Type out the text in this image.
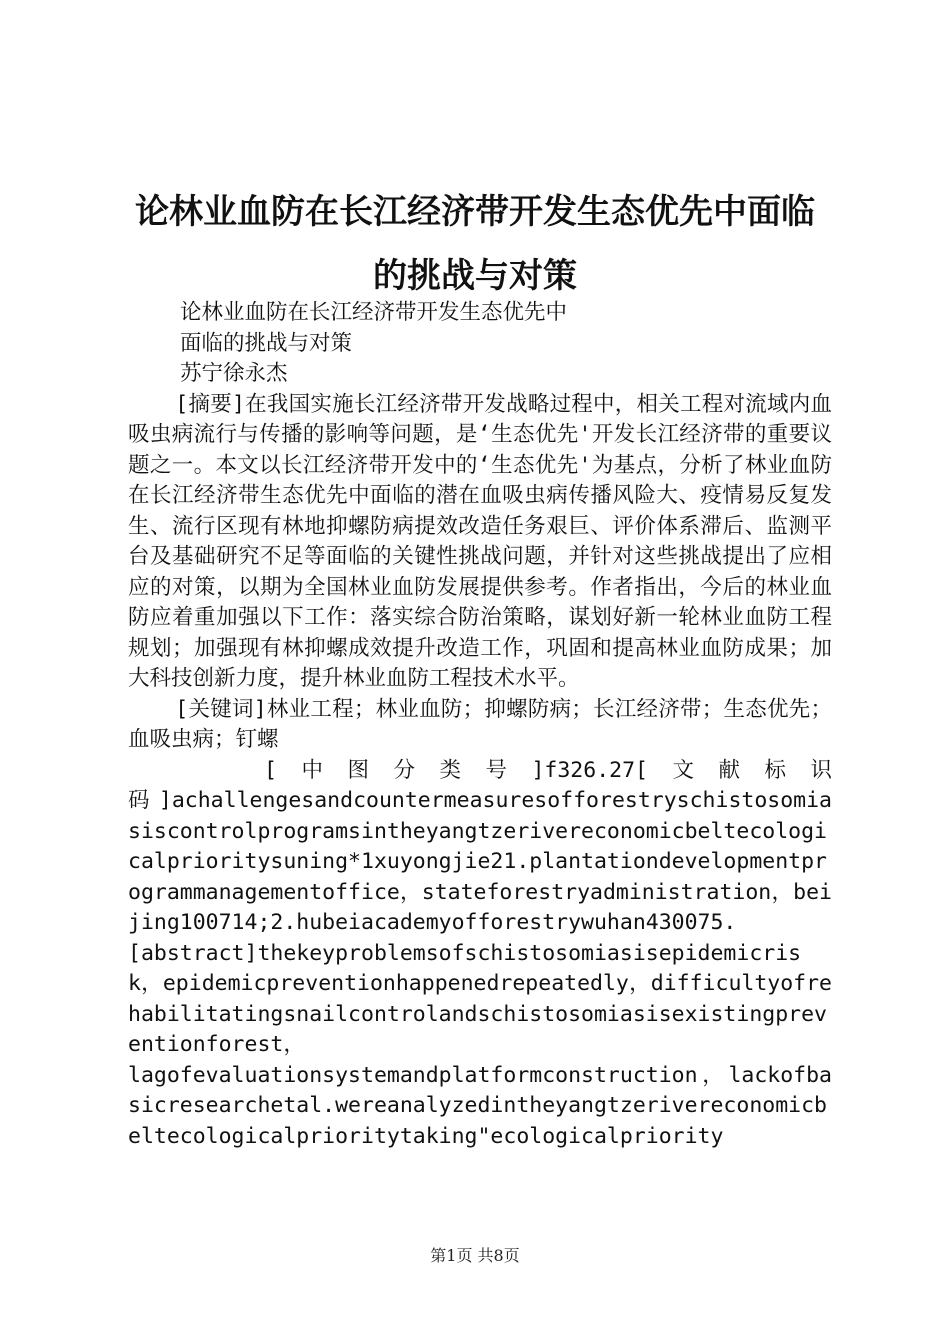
论林业血防在长江经济带开发生态优先中面临
的挑战与对策
论林业血防在长江经济带开发生态优先中
面临的挑战与对策
苏宁徐永杰

[摘要]在我国实施长江经济带开发战略过程中，相关工程对流域内血吸虫病流行与传播的影响等问题，是‘生态优先'开发长江经济带的重要议题之一。本文以长江经济带开发中的‘生态优先'为基点，分析了林业血防在长江经济带生态优先中面临的潜在血吸虫病传播风险大、疫情易反复发生、流行区现有林地抑螺防病提效改造任务艰巨、评价体系滞后、监测平台及基础研究不足等面临的关键性挑战问题，并针对这些挑战提出了应相应的对策，以期为全国林业血防发展提供参考。作者指出，今后的林业血防应着重加强以下工作：落实综合防治策略，谋划好新一轮林业血防工程规划；加强现有林抑螺成效提升改造工作，巩固和提高林业血防成果；加大科技创新力度，提升林业血防工程技术水平。

[关键词]林业工程；林业血防；抑螺防病；长江经济带；生态优先；血吸虫病；钉螺

[中图分类号]f326.27[文献标识

码]achallengesandcountermeasuresofforestryschistosomiasiscontrolprogramsintheyangtzerivereconomicbeltecologicalprioritysuning*1xuyongjie21.plantationdevelopmentprogrammanagementoffice，stateforestryadministration，beijing100714;2.hubeiacademyofforestrywuhan430075.

[abstract]thekeyproblemsofschistosomiasisepidemicrisk，epidemicpreventionhappenedrepeatedly，difficultyofrehabilitatingsnailcontrolandschistosomiasisexistingpreventionforest，

lagofevaluationsystemandplatformconstruction，lackofbasicresearchetal.wereanalyzedintheyangtzerivereconomicbeltecologicalprioritytaking"ecologicalpriority

第1页 共8页
